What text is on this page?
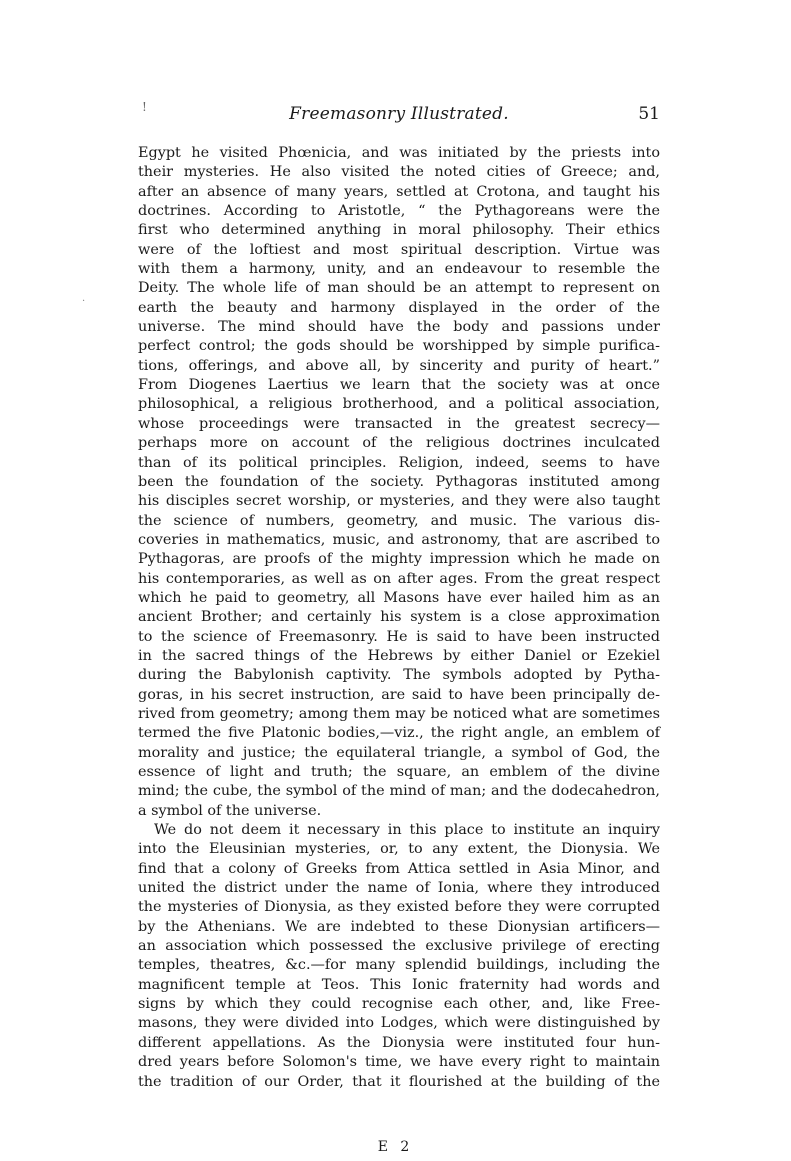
!
·
Freemasonry Illustrated.	51
Egypt he visited Phœnicia, and was initiated by the priests into
their mysteries. He also visited the noted cities of Greece; and,
after an absence of many years, settled at Crotona, and taught his
doctrines. According to Aristotle, “ the Pythagoreans were the
first who determined anything in moral philosophy. Their ethics
were of the loftiest and most spiritual description. Virtue was
with them a harmony, unity, and an endeavour to resemble the
Deity. The whole life of man should be an attempt to represent on
earth the beauty and harmony displayed in the order of the
universe. The mind should have the body and passions under
perfect control; the gods should be worshipped by simple purifica-
tions, offerings, and above all, by sincerity and purity of heart.”
From Diogenes Laertius we learn that the society was at once
philosophical, a religious brotherhood, and a political association,
whose proceedings were transacted in the greatest secrecy—
perhaps more on account of the religious doctrines inculcated
than of its political principles. Religion, indeed, seems to have
been the foundation of the society. Pythagoras instituted among
his disciples secret worship, or mysteries, and they were also taught
the science of numbers, geometry, and music. The various dis-
coveries in mathematics, music, and astronomy, that are ascribed to
Pythagoras, are proofs of the mighty impression which he made on
his contemporaries, as well as on after ages. From the great respect
which he paid to geometry, all Masons have ever hailed him as an
ancient Brother; and certainly his system is a close approximation
to the science of Freemasonry. He is said to have been instructed
in the sacred things of the Hebrews by either Daniel or Ezekiel
during the Babylonish captivity. The symbols adopted by Pytha-
goras, in his secret instruction, are said to have been principally de-
rived from geometry; among them may be noticed what are sometimes
termed the five Platonic bodies,—viz., the right angle, an emblem of
morality and justice; the equilateral triangle, a symbol of God, the
essence of light and truth; the square, an emblem of the divine
mind; the cube, the symbol of the mind of man; and the dodecahedron,
a symbol of the universe.
We do not deem it necessary in this place to institute an inquiry
into the Eleusinian mysteries, or, to any extent, the Dionysia. We
find that a colony of Greeks from Attica settled in Asia Minor, and
united the district under the name of Ionia, where they introduced
the mysteries of Dionysia, as they existed before they were corrupted
by the Athenians. We are indebted to these Dionysian artificers—
an association which possessed the exclusive privilege of erecting
temples, theatres, &c.—for many splendid buildings, including the
magnificent temple at Teos. This Ionic fraternity had words and
signs by which they could recognise each other, and, like Free-
masons, they were divided into Lodges, which were distinguished by
different appellations. As the Dionysia were instituted four hun-
dred years before Solomon's time, we have every right to maintain
the tradition of our Order, that it flourished at the building of the
E 2
